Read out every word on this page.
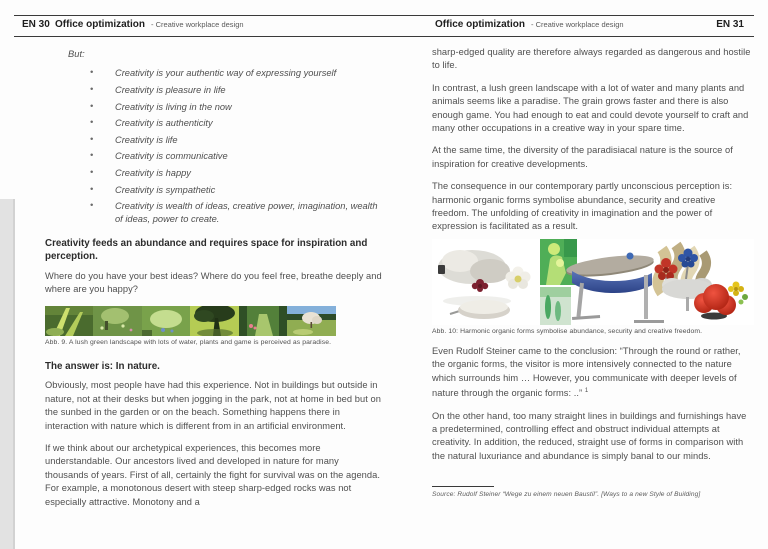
EN 30 Office optimization - Creative workplace design	Office optimization - Creative workplace design	EN 31

But:

• Creativity is your authentic way of expressing yourself
• Creativity is pleasure in life
• Creativity is living in the now
• Creativity is authenticity
• Creativity is life
• Creativity is communicative
• Creativity is happy
• Creativity is sympathetic
• Creativity is wealth of ideas, creative power, imagination, wealth of ideas, power to create.

Creativity feeds an abundance and requires space for inspiration and perception.

Where do you have your best ideas? Where do you feel free, breathe deeply and where are you happy?

Abb. 9. A lush green landscape with lots of water, plants and game is perceived as paradise.

The answer is: In nature.

Obviously, most people have had this experience. Not in buildings but outside in nature, not at their desks but when jogging in the park, not at home in bed but on the sunbed in the garden or on the beach. Something happens there in interaction with nature which is different from in an artificial environment.

If we think about our archetypical experiences, this becomes more understandable. Our ancestors lived and developed in nature for many thousands of years. First of all, certainly the fight for survival was on the agenda. For example, a monotonous desert with steep sharp-edged rocks was not especially attractive. Monotony and a

sharp-edged quality are therefore always regarded as dangerous and hostile to life.

In contrast, a lush green landscape with a lot of water and many plants and animals seems like a paradise. The grain grows faster and there is also enough game. You had enough to eat and could devote yourself to craft and many other occupations in a creative way in your spare time.

At the same time, the diversity of the paradisiacal nature is the source of inspiration for creative developments.

The consequence in our contemporary partly unconscious perception is: harmonic organic forms symbolise abundance, security and creative freedom. The unfolding of creativity in imagination and the power of expression is facilitated as a result.

Abb. 10: Harmonic organic forms symbolise abundance, security and creative freedom.

Even Rudolf Steiner came to the conclusion: “Through the round or rather, the organic forms, the visitor is more intensively connected to the nature which surrounds him … However, you communicate with deeper levels of nature through the organic forms: ..” $^1$

On the other hand, too many straight lines in buildings and furnishings have a predetermined, controlling effect and obstruct individual attempts at creativity. In addition, the reduced, straight use of forms in comparison with the natural luxuriance and abundance is simply banal to our minds.

Source: Rudolf Steiner “Wege zu einem neuen Baustil”. [Ways to a new Style of Building]
